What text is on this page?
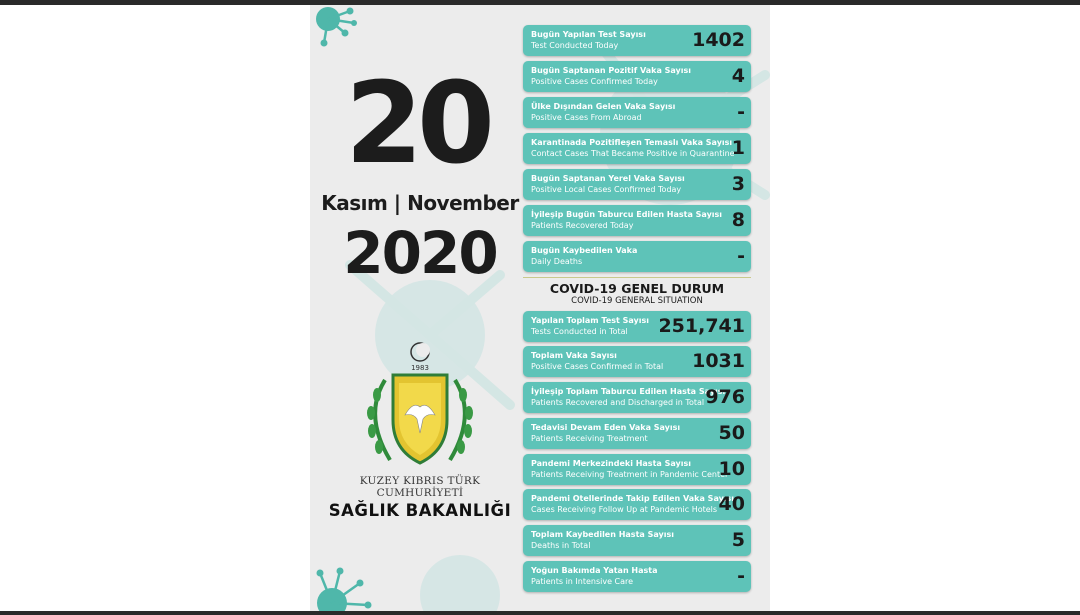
20
Kasım | November
2020
1983
KUZEY KIBRIS TÜRK CUMHURİYETİ
SAĞLIK BAKANLIĞI
Bugün Yapılan Test Sayısı
Test Conducted Today	1402
Bugün Saptanan Pozitif Vaka Sayısı
Positive Cases Confirmed Today	4
Ülke Dışından Gelen Vaka Sayısı
Positive Cases From Abroad	-
Karantinada Pozitifleşen Temaslı Vaka Sayısı
Contact Cases That Became Positive in Quarantine
1
Bugün Saptanan Yerel Vaka Sayısı
Positive Local Cases Confirmed Today	3
İyileşip Bugün Taburcu Edilen Hasta Sayısı
Patients Recovered Today	8
Bugün Kaybedilen Vaka
Daily Deaths	-
COVID-19 GENEL DURUM
COVID-19 GENERAL SITUATION
Yapılan Toplam Test Sayısı
Tests Conducted in Total 251,741
Toplam Vaka Sayısı
Positive Cases Confirmed in Total 1031
İyileşip Toplam Taburcu Edilen Hasta Sayısı
Patients Recovered and Discharged in Total 976
Tedavisi Devam Eden Vaka Sayısı
Patients Receiving Treatment	50
Pandemi Merkezindeki Hasta Sayısı
Patients Receiving Treatment in Pandemic Center
10
Pandemi Otellerinde Takip Edilen Vaka Sayısı
Cases Receiving Follow Up at Pandemic Hotels 40
Toplam Kaybedilen Hasta Sayısı
Deaths in Total	5
Yoğun Bakımda Yatan Hasta
Patients in Intensive Care	-
